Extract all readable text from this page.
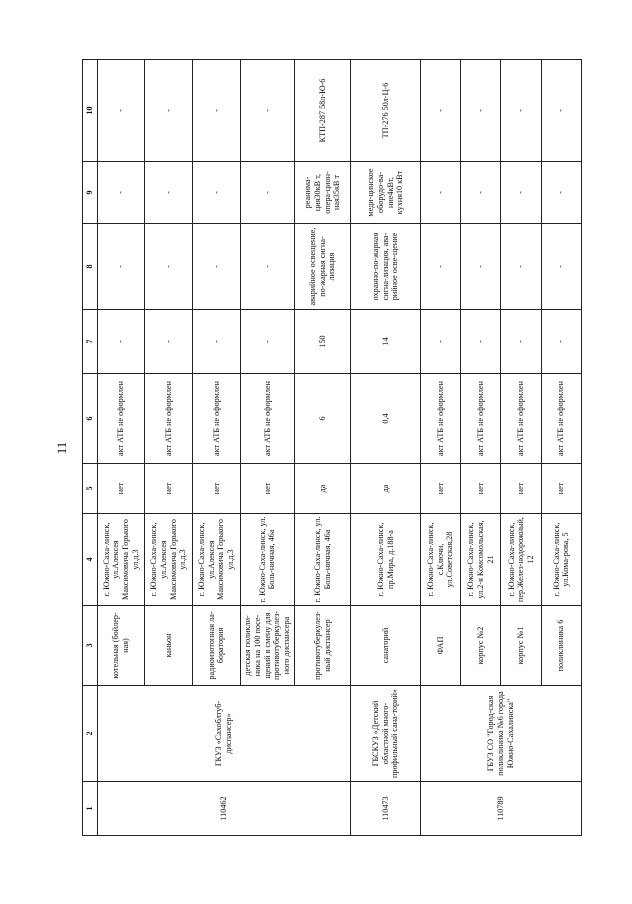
11
1	2	3	4	5	6	7	8	9	10
110462	ГКУЗ «Сахоблтуб-диспансер»	котельная (бойлер-ная)	г. Южно-Саха-линск, ул.Алексея Максимовича Горького ул.д.3	нет	акт АТБ не оформлен	-	-	-	-
		каньон	г. Южно-Саха-линск, ул.Алексея Максимовича Горького ул.д.3	нет	акт АТБ не оформлен	-	-	-	-
		радиоизотопная ла-боратория	г. Южно-Саха-линск, ул.Алексея Максимовича Горького ул.д.3	нет	акт АТБ не оформлен	-	-	-	-
		детская поликли-ника на 100 посе-щений в смену для противотуберкулез-ного диспансера	г. Южно-Саха-линск, ул. Боль-ничная, 46а	нет	акт АТБ не оформлен	-	-	-	-
		противотуберкулез-ный диспансер	г. Южно-Саха-линск, ул. Боль-ничная, 46а	да	6	150	аварийное освещение, по-жарная сигна-лизация	реанима-ция30кВ т, опера-цион-ная35кВ т	КТП-287 58л-Ю-6
110473	ГБСКУЗ «Детский областной много-профильный сана-торий»	санаторий	г. Южно-Саха-линск, пр.Мира, д.188-а	да	0,4	14	охранно-по-жарная сигна-лизация, ава-рийное осве-щение	меди-цинское оборудо-ва-ние4кВт, кухня10 кВт	ТП-276 50л-Ц-6
110789	ГБУЗ СО "Город-ская поликлиника №6 города Южно-Сахалинска"	ФАП	г. Южно-Саха-линск, с.Ключи, ул.Советская,28	нет	акт АТБ не оформлен	-	-	-	-
		корпус №2	г. Южно-Саха-линск, ул.2-я Комсомольская, 21	нет	акт АТБ не оформлен	-	-	-	-
		корпус №1	г. Южно-Саха-линск, пер.Желез-нодорожный, 12	нет	акт АТБ не оформлен	-	-	-	-
		поликлиника 6	г. Южно-Саха-линск, ул.Кома-рова, 5	нет	акт АТБ не оформлен	-	-	-	-
